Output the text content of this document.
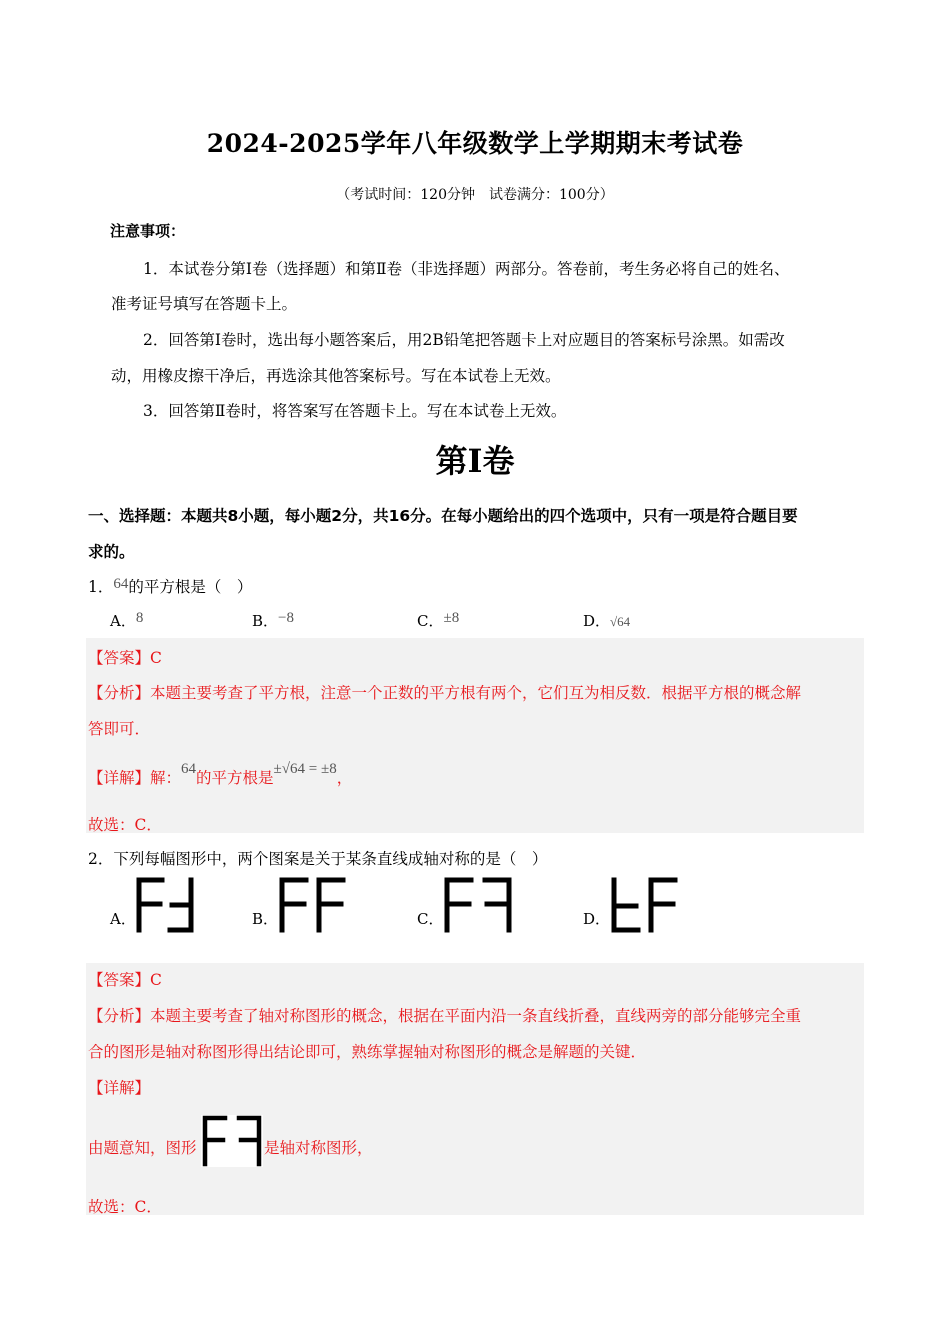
2024-2025学年八年级数学上学期期末考试卷
（考试时间：120分钟　试卷满分：100分）
注意事项：
1．本试卷分第Ⅰ卷（选择题）和第Ⅱ卷（非选择题）两部分。答卷前，考生务必将自己的姓名、
准考证号填写在答题卡上。
2．回答第Ⅰ卷时，选出每小题答案后，用2B铅笔把答题卡上对应题目的答案标号涂黑。如需改
动，用橡皮擦干净后，再选涂其他答案标号。写在本试卷上无效。
3．回答第Ⅱ卷时，将答案写在答题卡上。写在本试卷上无效。
第Ⅰ卷
一、选择题：本题共8小题，每小题2分，共16分。在每小题给出的四个选项中，只有一项是符合题目要
求的。
1．64的平方根是（　）
A．8	B．−8	C．±8	D．√64
【答案】C
【分析】本题主要考查了平方根，注意一个正数的平方根有两个，它们互为相反数．根据平方根的概念解
答即可．
【详解】解：64的平方根是±√64 = ±8，
故选：C．
2．下列每幅图形中，两个图案是关于某条直线成轴对称的是（　）
A．	B．	C．	D．
【答案】C
【分析】本题主要考查了轴对称图形的概念，根据在平面内沿一条直线折叠，直线两旁的部分能够完全重
合的图形是轴对称图形得出结论即可，熟练掌握轴对称图形的概念是解题的关键．
【详解】
由题意知，图形	是轴对称图形，
故选：C．
